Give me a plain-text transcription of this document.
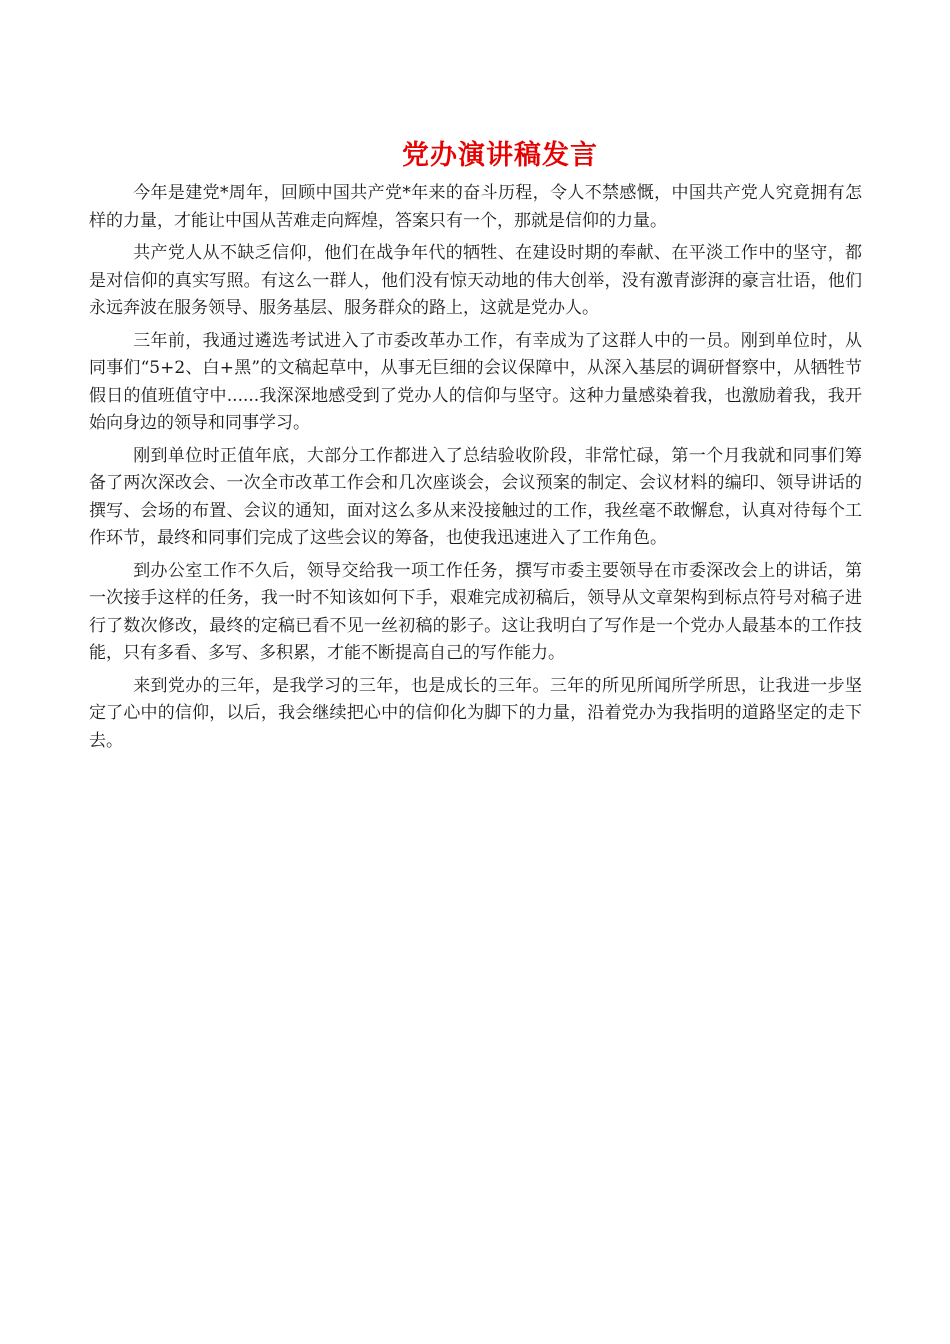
党办演讲稿发言

今年是建党*周年，回顾中国共产党*年来的奋斗历程，令人不禁感慨，中国共产党人究竟拥有怎样的力量，才能让中国从苦难走向辉煌，答案只有一个，那就是信仰的力量。

共产党人从不缺乏信仰，他们在战争年代的牺牲、在建设时期的奉献、在平淡工作中的坚守，都是对信仰的真实写照。有这么一群人，他们没有惊天动地的伟大创举，没有激青澎湃的豪言壮语，他们永远奔波在服务领导、服务基层、服务群众的路上，这就是党办人。

三年前，我通过遴选考试进入了市委改革办工作，有幸成为了这群人中的一员。刚到单位时，从同事们“5+2、白+黑”的文稿起草中，从事无巨细的会议保障中，从深入基层的调研督察中，从牺牲节假日的值班值守中......我深深地感受到了党办人的信仰与坚守。这种力量感染着我，也激励着我，我开始向身边的领导和同事学习。

刚到单位时正值年底，大部分工作都进入了总结验收阶段，非常忙碌，第一个月我就和同事们筹备了两次深改会、一次全市改革工作会和几次座谈会，会议预案的制定、会议材料的编印、领导讲话的撰写、会场的布置、会议的通知，面对这么多从来没接触过的工作，我丝毫不敢懈怠，认真对待每个工作环节，最终和同事们完成了这些会议的筹备，也使我迅速进入了工作角色。

到办公室工作不久后，领导交给我一项工作任务，撰写市委主要领导在市委深改会上的讲话，第一次接手这样的任务，我一时不知该如何下手，艰难完成初稿后，领导从文章架构到标点符号对稿子进行了数次修改，最终的定稿已看不见一丝初稿的影子。这让我明白了写作是一个党办人最基本的工作技能，只有多看、多写、多积累，才能不断提高自己的写作能力。

来到党办的三年，是我学习的三年，也是成长的三年。三年的所见所闻所学所思，让我进一步坚定了心中的信仰，以后，我会继续把心中的信仰化为脚下的力量，沿着党办为我指明的道路坚定的走下去。
